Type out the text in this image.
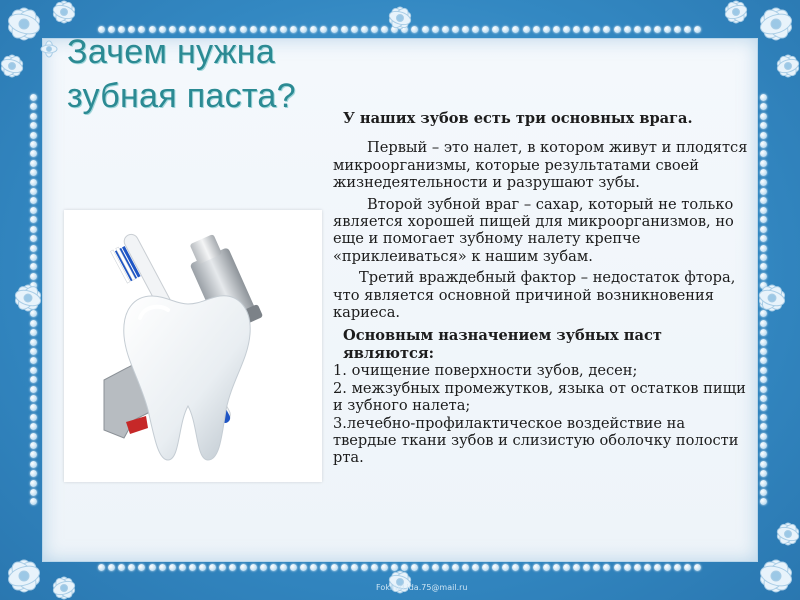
Зачем нужна зубная паста?

У наших зубов есть три основных врага.

Первый – это налет, в котором живут и плодятся микроорганизмы, которые результатами своей жизнедеятельности и разрушают зубы.

Второй зубной враг – сахар, который не только является хорошей пищей для микроорганизмов, но еще и помогает зубному налету крепче «приклеиваться» к нашим зубам.

Третий враждебный фактор – недостаток фтора, что является основной причиной возникновения кариеса.

Основным назначением зубных паст являются:

1. очищение поверхности зубов, десен;

2. межзубных промежутков, языка от остатков пищи и зубного налета;

3.лечебно-профилактическое воздействие на твердые ткани зубов и слизистую оболочку полости рта.

FokinaLida.75@mail.ru
